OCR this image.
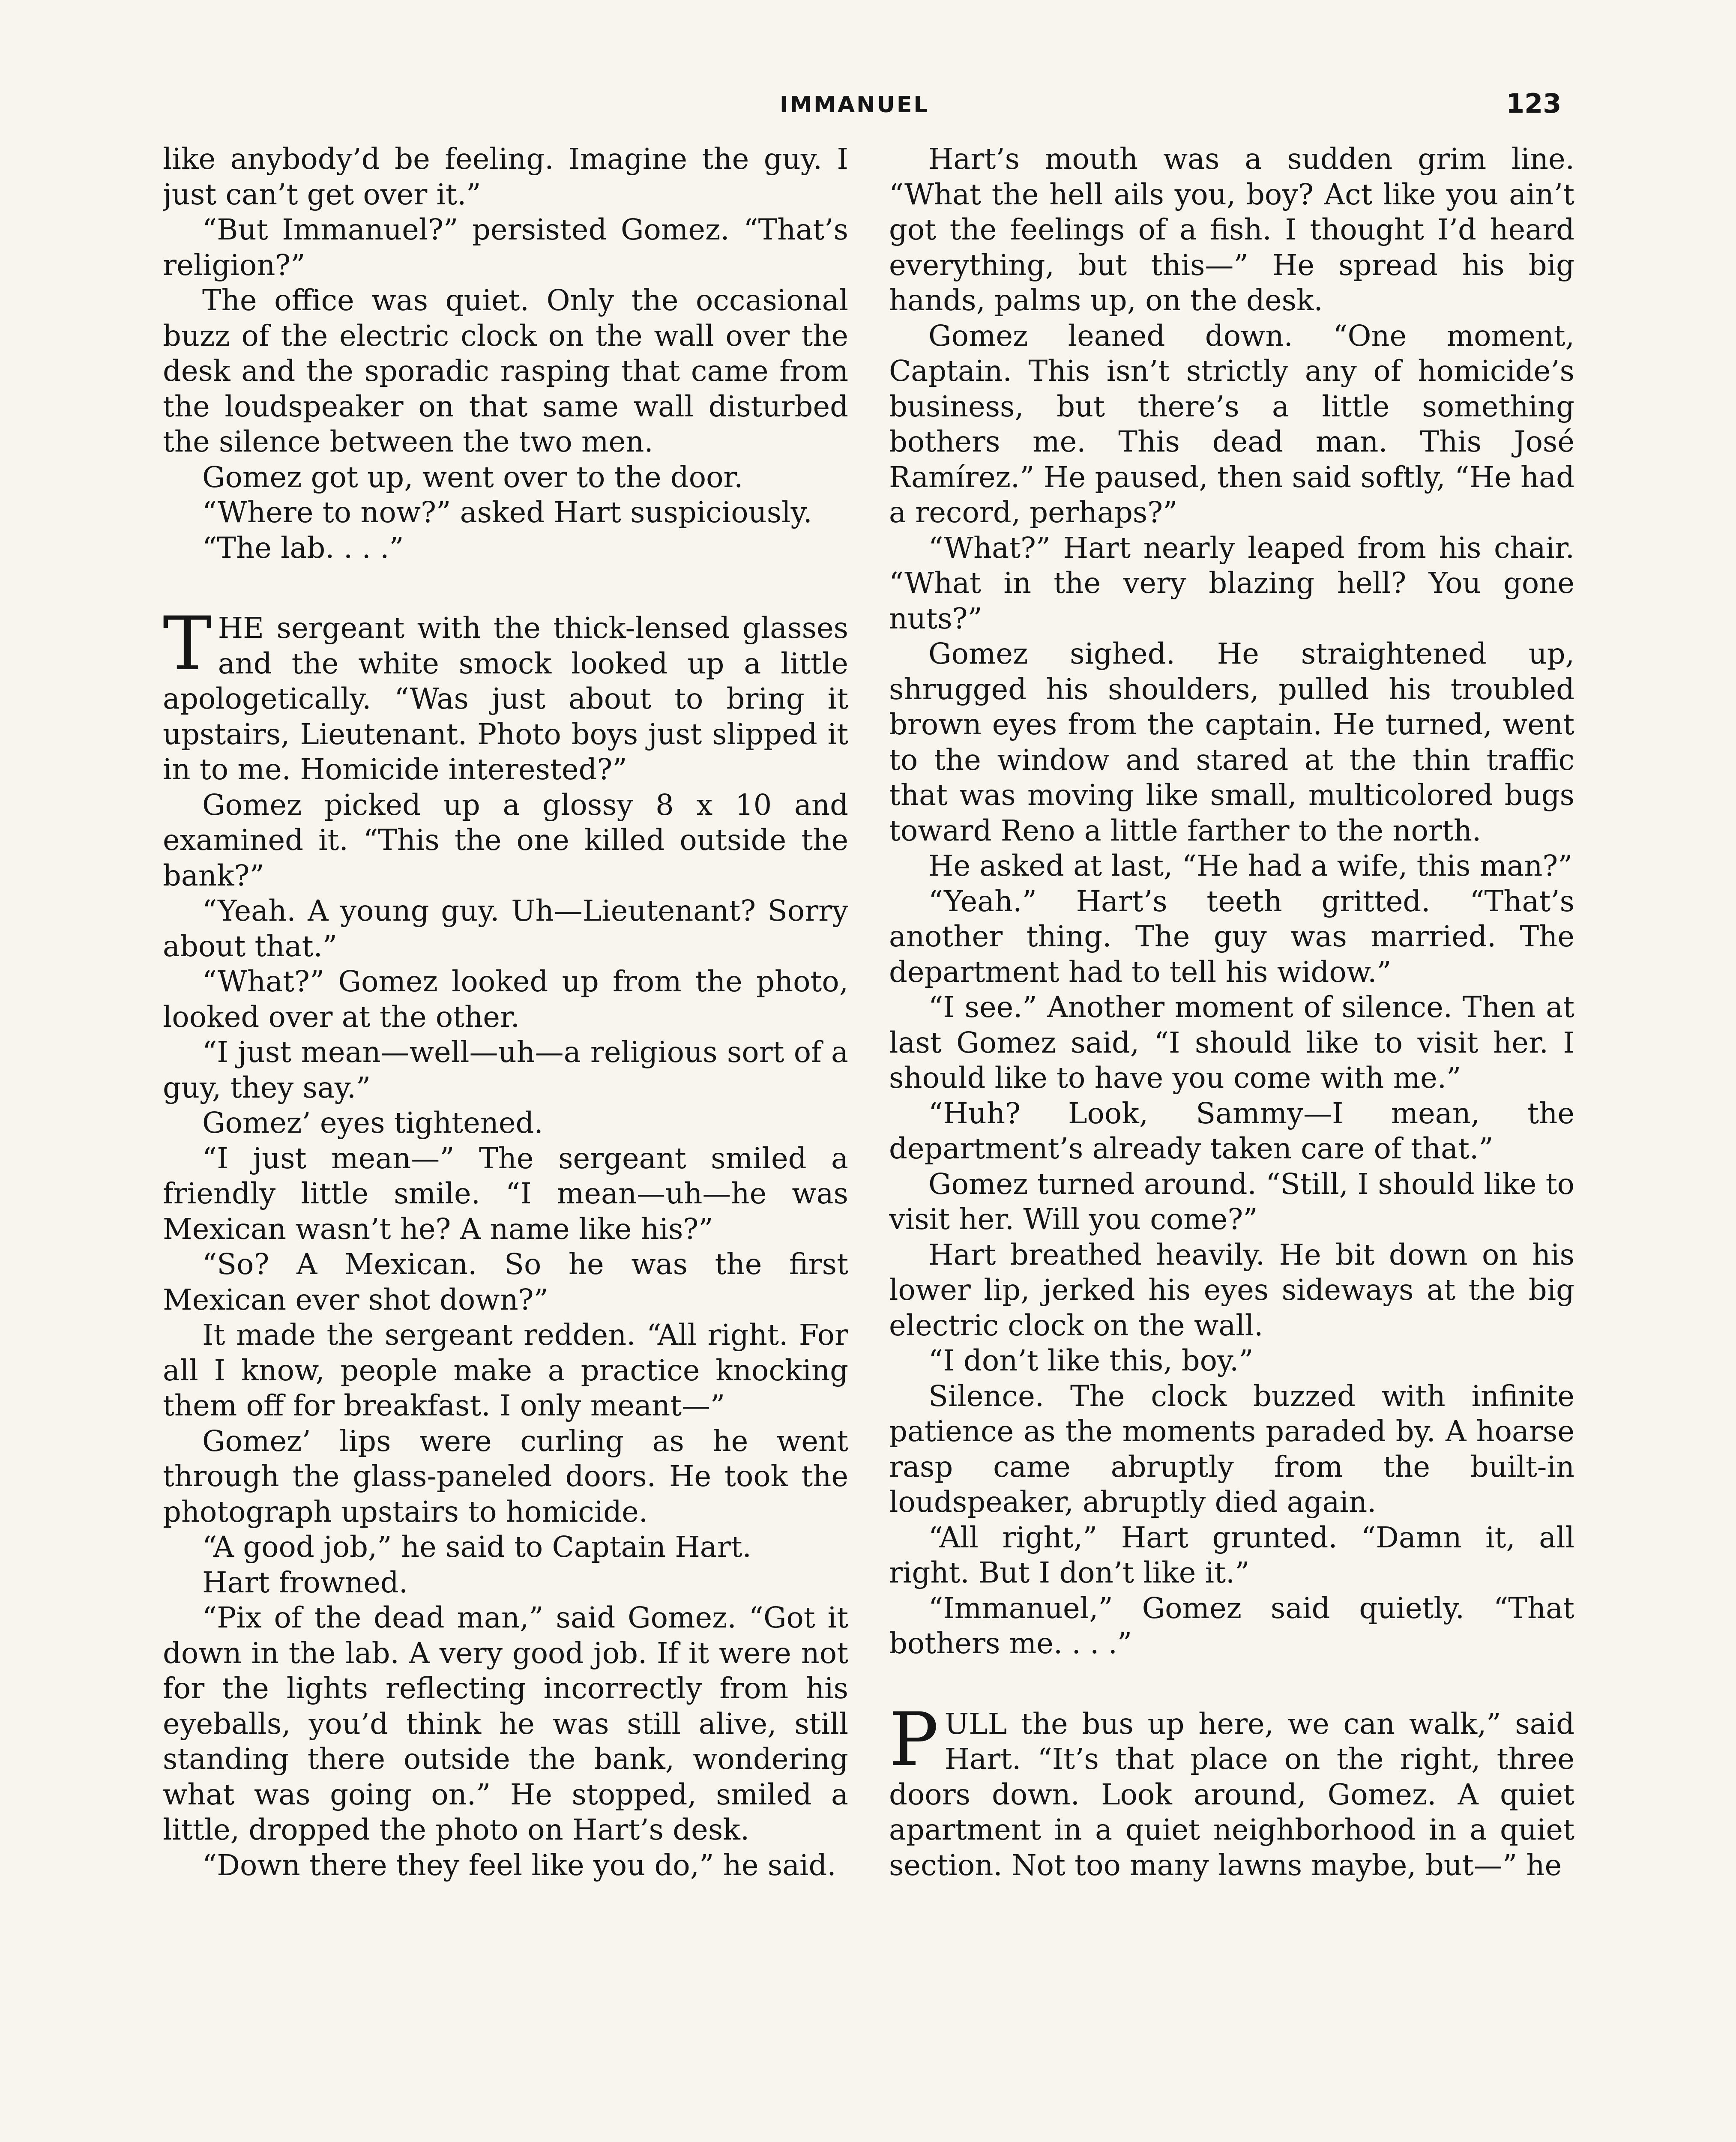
IMMANUEL	123

like anybody’d be feeling. Imagine the guy. I just can’t get over it.”

“But Immanuel?” persisted Gomez. “That’s religion?”

The office was quiet. Only the occasional buzz of the electric clock on the wall over the desk and the sporadic rasping that came from the loudspeaker on that same wall disturbed the silence between the two men.

Gomez got up, went over to the door.

“Where to now?” asked Hart suspiciously.

“The lab. . . .”

THE sergeant with the thick-lensed glasses and the white smock looked up a little apologetically. “Was just about to bring it upstairs, Lieutenant. Photo boys just slipped it in to me. Homicide interested?”

Gomez picked up a glossy 8 x 10 and examined it. “This the one killed outside the bank?”

“Yeah. A young guy. Uh—Lieutenant? Sorry about that.”

“What?” Gomez looked up from the photo, looked over at the other.

“I just mean—well—uh—a religious sort of a guy, they say.”

Gomez’ eyes tightened.

“I just mean—” The sergeant smiled a friendly little smile. “I mean—uh—he was Mexican wasn’t he? A name like his?”

“So? A Mexican. So he was the first Mexican ever shot down?”

It made the sergeant redden. “All right. For all I know, people make a practice knocking them off for breakfast. I only meant—”

Gomez’ lips were curling as he went through the glass-paneled doors. He took the photograph upstairs to homicide.

“A good job,” he said to Captain Hart.

Hart frowned.

“Pix of the dead man,” said Gomez. “Got it down in the lab. A very good job. If it were not for the lights reflecting incorrectly from his eyeballs, you’d think he was still alive, still standing there outside the bank, wondering what was going on.” He stopped, smiled a little, dropped the photo on Hart’s desk.

“Down there they feel like you do,” he said.

Hart’s mouth was a sudden grim line. “What the hell ails you, boy? Act like you ain’t got the feelings of a fish. I thought I’d heard everything, but this—” He spread his big hands, palms up, on the desk.

Gomez leaned down. “One moment, Captain. This isn’t strictly any of homicide’s business, but there’s a little something bothers me. This dead man. This José Ramírez.” He paused, then said softly, “He had a record, perhaps?”

“What?” Hart nearly leaped from his chair. “What in the very blazing hell? You gone nuts?”

Gomez sighed. He straightened up, shrugged his shoulders, pulled his troubled brown eyes from the captain. He turned, went to the window and stared at the thin traffic that was moving like small, multicolored bugs toward Reno a little farther to the north.

He asked at last, “He had a wife, this man?”

“Yeah.” Hart’s teeth gritted. “That’s another thing. The guy was married. The department had to tell his widow.”

“I see.” Another moment of silence. Then at last Gomez said, “I should like to visit her. I should like to have you come with me.”

“Huh? Look, Sammy—I mean, the department’s already taken care of that.”

Gomez turned around. “Still, I should like to visit her. Will you come?”

Hart breathed heavily. He bit down on his lower lip, jerked his eyes sideways at the big electric clock on the wall.

“I don’t like this, boy.”

Silence. The clock buzzed with infinite patience as the moments paraded by. A hoarse rasp came abruptly from the built-in loudspeaker, abruptly died again.

“All right,” Hart grunted. “Damn it, all right. But I don’t like it.”

“Immanuel,” Gomez said quietly. “That bothers me. . . .”

PULL the bus up here, we can walk,” said Hart. “It’s that place on the right, three doors down. Look around, Gomez. A quiet apartment in a quiet neighborhood in a quiet section. Not too many lawns maybe, but—” he
